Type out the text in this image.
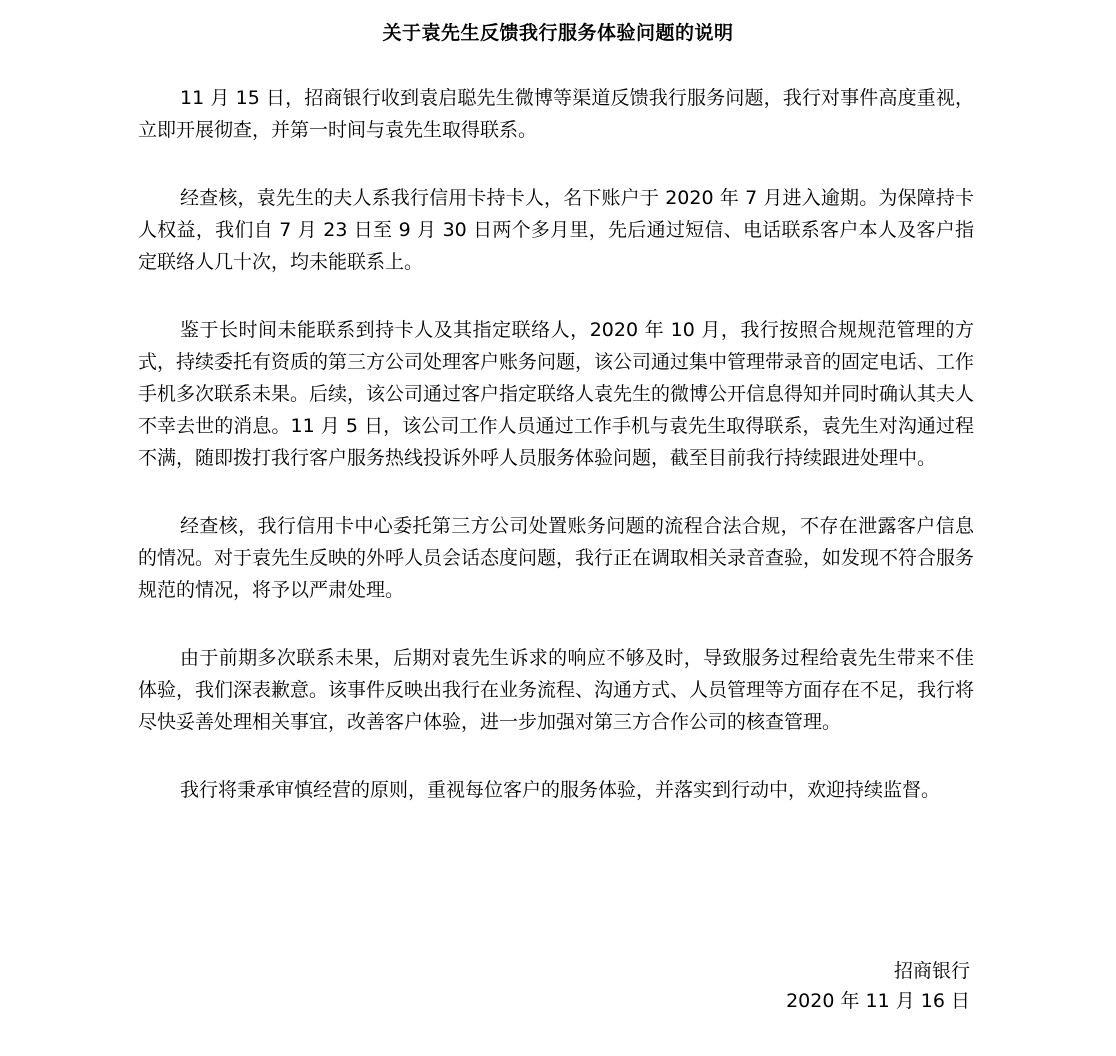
关于袁先生反馈我行服务体验问题的说明

11 月 15 日，招商银行收到袁启聪先生微博等渠道反馈我行服务问题，我行对事件高度重视，立即开展彻查，并第一时间与袁先生取得联系。

经查核，袁先生的夫人系我行信用卡持卡人，名下账户于 2020 年 7 月进入逾期。为保障持卡人权益，我们自 7 月 23 日至 9 月 30 日两个多月里，先后通过短信、电话联系客户本人及客户指定联络人几十次，均未能联系上。

鉴于长时间未能联系到持卡人及其指定联络人，2020 年 10 月，我行按照合规规范管理的方式，持续委托有资质的第三方公司处理客户账务问题，该公司通过集中管理带录音的固定电话、工作手机多次联系未果。后续，该公司通过客户指定联络人袁先生的微博公开信息得知并同时确认其夫人不幸去世的消息。11 月 5 日，该公司工作人员通过工作手机与袁先生取得联系，袁先生对沟通过程不满，随即拨打我行客户服务热线投诉外呼人员服务体验问题，截至目前我行持续跟进处理中。

经查核，我行信用卡中心委托第三方公司处置账务问题的流程合法合规，不存在泄露客户信息的情况。对于袁先生反映的外呼人员会话态度问题，我行正在调取相关录音查验，如发现不符合服务规范的情况，将予以严肃处理。

由于前期多次联系未果，后期对袁先生诉求的响应不够及时，导致服务过程给袁先生带来不佳体验，我们深表歉意。该事件反映出我行在业务流程、沟通方式、人员管理等方面存在不足，我行将尽快妥善处理相关事宜，改善客户体验，进一步加强对第三方合作公司的核查管理。

我行将秉承审慎经营的原则，重视每位客户的服务体验，并落实到行动中，欢迎持续监督。

招商银行
2020 年 11 月 16 日
